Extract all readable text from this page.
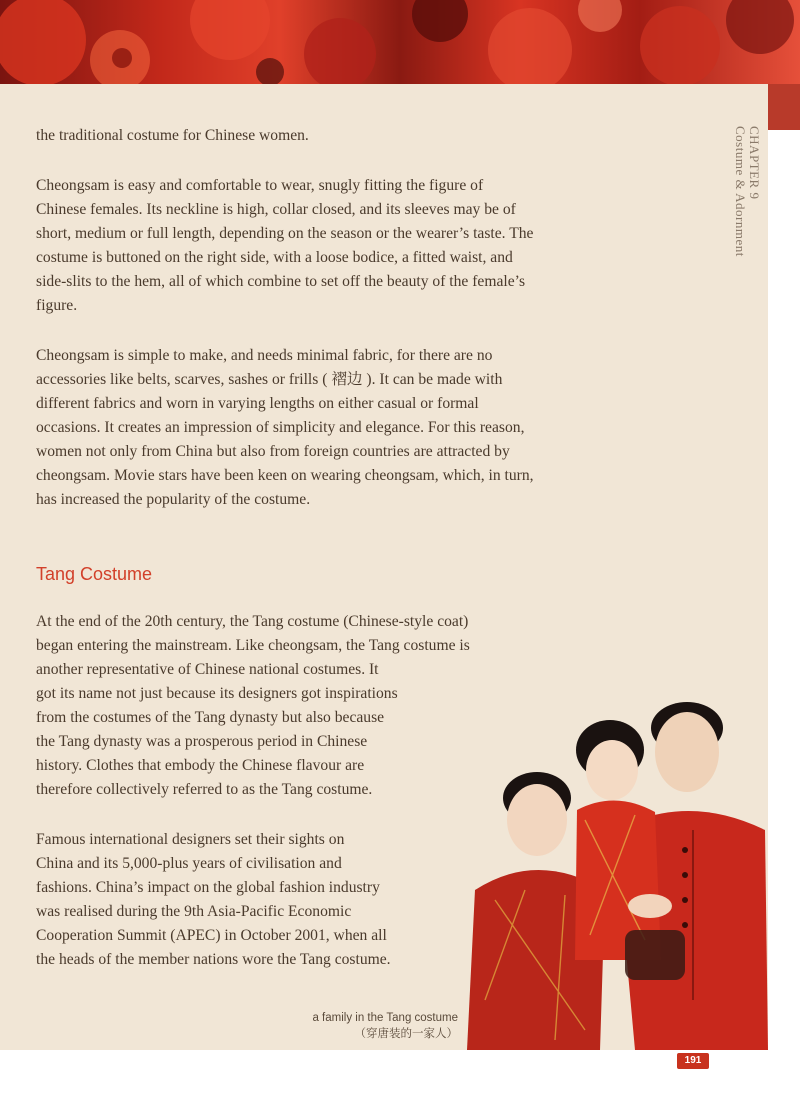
CHAPTER 9
Costume & Adornment

the traditional costume for Chinese women.

Cheongsam is easy and comfortable to wear, snugly fitting the figure of Chinese females. Its neckline is high, collar closed, and its sleeves may be of short, medium or full length, depending on the season or the wearer’s taste. The costume is buttoned on the right side, with a loose bodice, a fitted waist, and side-slits to the hem, all of which combine to set off the beauty of the female’s figure.

Cheongsam is simple to make, and needs minimal fabric, for there are no accessories like belts, scarves, sashes or frills ( 褶边 ). It can be made with different fabrics and worn in varying lengths on either casual or formal occasions. It creates an impression of simplicity and elegance. For this reason, women not only from China but also from foreign countries are attracted by cheongsam. Movie stars have been keen on wearing cheongsam, which, in turn, has increased the popularity of the costume.

Tang Costume
At the end of the 20th century, the Tang costume (Chinese-style coat)
began entering the mainstream. Like cheongsam, the Tang costume is
another representative of Chinese national costumes. It
got its name not just because its designers got inspirations
from the costumes of the Tang dynasty but also because
the Tang dynasty was a prosperous period in Chinese
history. Clothes that embody the Chinese flavour are
therefore collectively referred to as the Tang costume.
Famous international designers set their sights on
China and its 5,000-plus years of civilisation and
fashions. China’s impact on the global fashion industry
was realised during the 9th Asia-Pacific Economic
Cooperation Summit (APEC) in October 2001, when all
the heads of the member nations wore the Tang costume.
a family in the Tang costume
（穿唐装的一家人）
191
